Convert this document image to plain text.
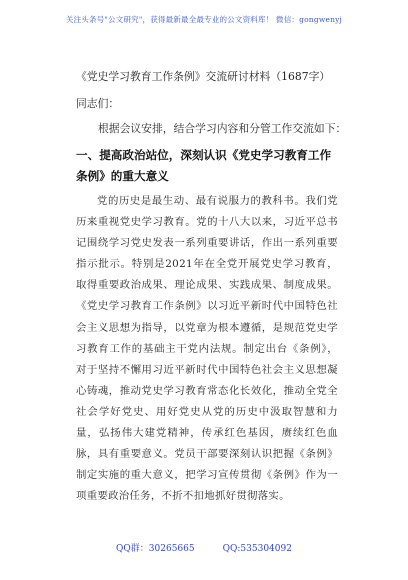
关注头条号"公文研究"，获得最新最全最专业的公文资料库！ 微信：gongwenyj
《党史学习教育工作条例》交流研讨材料（1687字）
同志们：
根据会议安排，结合学习内容和分管工作交流如下：
一、提高政治站位，深刻认识《党史学习教育工作条例》的重大意义
党的历史是最生动、最有说服力的教科书。我们党历来重视党史学习教育。党的十八大以来，习近平总书记围绕学习党史发表一系列重要讲话，作出一系列重要指示批示。特别是2021年在全党开展党史学习教育，取得重要政治成果、理论成果、实践成果、制度成果。《党史学习教育工作条例》以习近平新时代中国特色社会主义思想为指导，以党章为根本遵循，是规范党史学习教育工作的基础主干党内法规。制定出台《条例》，对于坚持不懈用习近平新时代中国特色社会主义思想凝心铸魂，推动党史学习教育常态化长效化，推动全党全社会学好党史、用好党史从党的历史中汲取智慧和力量，弘扬伟大建党精神，传承红色基因，赓续红色血脉，具有重要意义。党员干部要深刻认识把握《条例》制定实施的重大意义，把学习宣传贯彻《条例》作为一项重要政治任务，不折不扣地抓好贯彻落实。
QQ群：30265665	QQ:535304092
